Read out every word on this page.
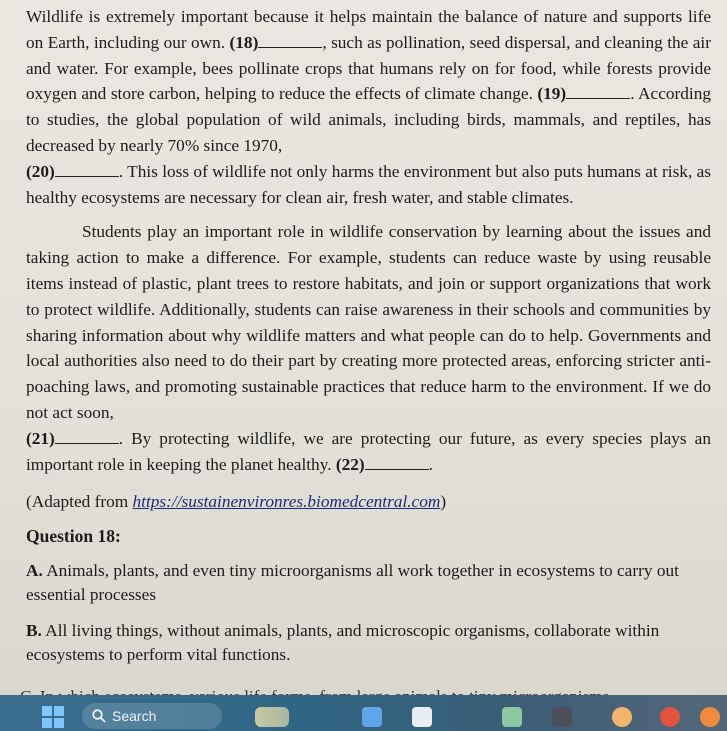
Wildlife is extremely important because it helps maintain the balance of nature and supports life on Earth, including our own. (18)	, such as pollination, seed dispersal, and cleaning the air and water. For example, bees pollinate crops that humans rely on for food, while forests provide oxygen and store carbon, helping to reduce the effects of climate change. (19)	. According to studies, the global population of wild animals, including birds, mammals, and reptiles, has decreased by nearly 70% since 1970,
(20)	. This loss of wildlife not only harms the environment but also puts humans at risk, as healthy ecosystems are necessary for clean air, fresh water, and stable climates.

Students play an important role in wildlife conservation by learning about the issues and taking action to make a difference. For example, students can reduce waste by using reusable items instead of plastic, plant trees to restore habitats, and join or support organizations that work to protect wildlife. Additionally, students can raise awareness in their schools and communities by sharing information about why wildlife matters and what people can do to help. Governments and local authorities also need to do their part by creating more protected areas, enforcing stricter anti-poaching laws, and promoting sustainable practices that reduce harm to the environment. If we do not act soon,
(21)	. By protecting wildlife, we are protecting our future, as every species plays an important role in keeping the planet healthy. (22)	.

(Adapted from https://sustainenvironres.biomedcentral.com)

Question 18:

A. Animals, plants, and even tiny microorganisms all work together in ecosystems to carry out essential processes

B. All living things, without animals, plants, and microscopic organisms, collaborate within ecosystems to perform vital functions.

Search
